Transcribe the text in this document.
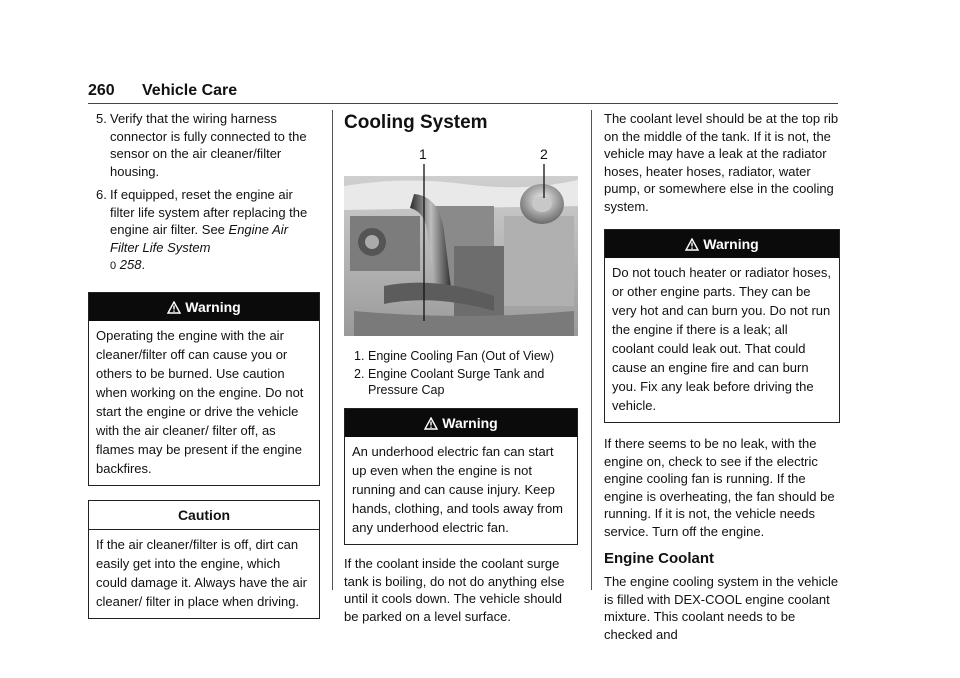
260 Vehicle Care
5. Verify that the wiring harness connector is fully connected to the sensor on the air cleaner/filter housing.
6. If equipped, reset the engine air filter life system after replacing the engine air filter. See Engine Air Filter Life System
0 258.
Warning
Operating the engine with the air cleaner/filter off can cause you or others to be burned. Use caution when working on the engine. Do not start the engine or drive the vehicle with the air cleaner/ filter off, as flames may be present if the engine backfires.
Caution
If the air cleaner/filter is off, dirt can easily get into the engine, which could damage it. Always have the air cleaner/ filter in place when driving.
Cooling System
1	2
1. Engine Cooling Fan (Out of View)
2. Engine Coolant Surge Tank and Pressure Cap
Warning
An underhood electric fan can start up even when the engine is not running and can cause injury. Keep hands, clothing, and tools away from any underhood electric fan.

If the coolant inside the coolant surge tank is boiling, do not do anything else until it cools down. The vehicle should be parked on a level surface.

The coolant level should be at the top rib on the middle of the tank. If it is not, the vehicle may have a leak at the radiator hoses, heater hoses, radiator, water pump, or somewhere else in the cooling system.

Warning
Do not touch heater or radiator hoses, or other engine parts. They can be very hot and can burn you. Do not run the engine if there is a leak; all coolant could leak out. That could cause an engine fire and can burn you. Fix any leak before driving the vehicle.

If there seems to be no leak, with the engine on, check to see if the electric engine cooling fan is running. If the engine is overheating, the fan should be running. If it is not, the vehicle needs service. Turn off the engine.

Engine Coolant

The engine cooling system in the vehicle is filled with DEX-COOL engine coolant mixture. This coolant needs to be checked and
